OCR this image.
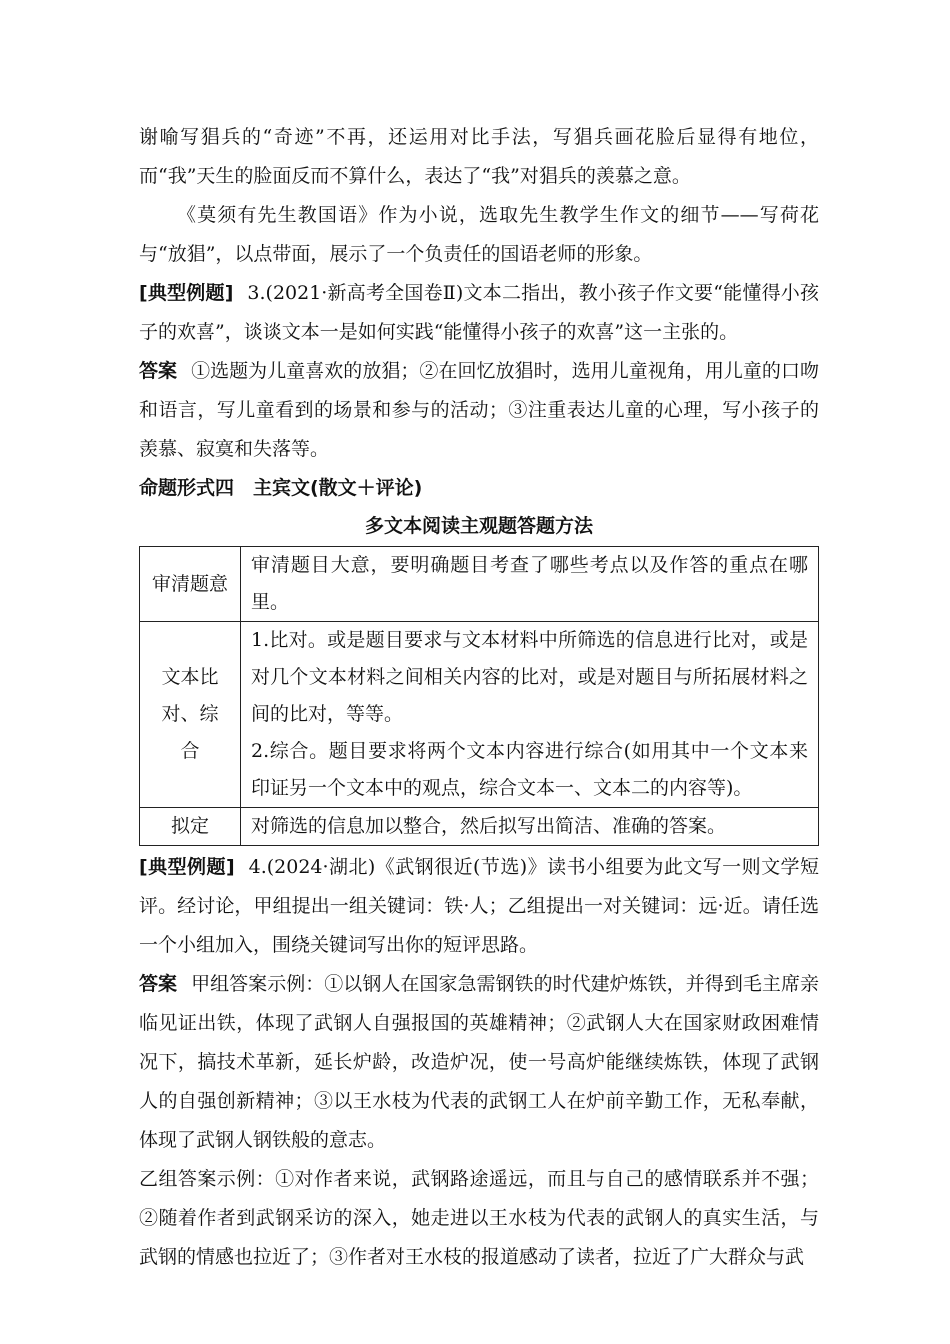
谢喻写猖兵的“奇迹”不再，还运用对比手法，写猖兵画花脸后显得有地位，而“我”天生的脸面反而不算什么，表达了“我”对猖兵的羡慕之意。

《莫须有先生教国语》作为小说，选取先生教学生作文的细节——写荷花与“放猖”，以点带面，展示了一个负责任的国语老师的形象。

[典型例题] 3.(2021·新高考全国卷Ⅱ)文本二指出，教小孩子作文要“能懂得小孩子的欢喜”，谈谈文本一是如何实践“能懂得小孩子的欢喜”这一主张的。

答案 ①选题为儿童喜欢的放猖；②在回忆放猖时，选用儿童视角，用儿童的口吻和语言，写儿童看到的场景和参与的活动；③注重表达儿童的心理，写小孩子的羡慕、寂寞和失落等。

命题形式四　主宾文(散文＋评论)

多文本阅读主观题答题方法
审清题意	审清题目大意，要明确题目考查了哪些考点以及作答的重点在哪里。

文本比对、综合	1.比对。或是题目要求与文本材料中所筛选的信息进行比对，或是对几个文本材料之间相关内容的比对，或是对题目与所拓展材料之间的比对，等等。
2.综合。题目要求将两个文本内容进行综合(如用其中一个文本来印证另一个文本中的观点，综合文本一、文本二的内容等)。

拟定	对筛选的信息加以整合，然后拟写出简洁、准确的答案。

[典型例题] 4.(2024·湖北)《武钢很近(节选)》读书小组要为此文写一则文学短评。经讨论，甲组提出一组关键词：铁·人；乙组提出一对关键词：远·近。请任选一个小组加入，围绕关键词写出你的短评思路。

答案 甲组答案示例：①以钢人在国家急需钢铁的时代建炉炼铁，并得到毛主席亲临见证出铁，体现了武钢人自强报国的英雄精神；②武钢人大在国家财政困难情况下，搞技术革新，延长炉龄，改造炉况，使一号高炉能继续炼铁，体现了武钢人的自强创新精神；③以王水枝为代表的武钢工人在炉前辛勤工作，无私奉献，体现了武钢人钢铁般的意志。

乙组答案示例：①对作者来说，武钢路途遥远，而且与自己的感情联系并不强；②随着作者到武钢采访的深入，她走进以王水枝为代表的武钢人的真实生活，与武钢的情感也拉近了；③作者对王水枝的报道感动了读者，拉近了广大群众与武
